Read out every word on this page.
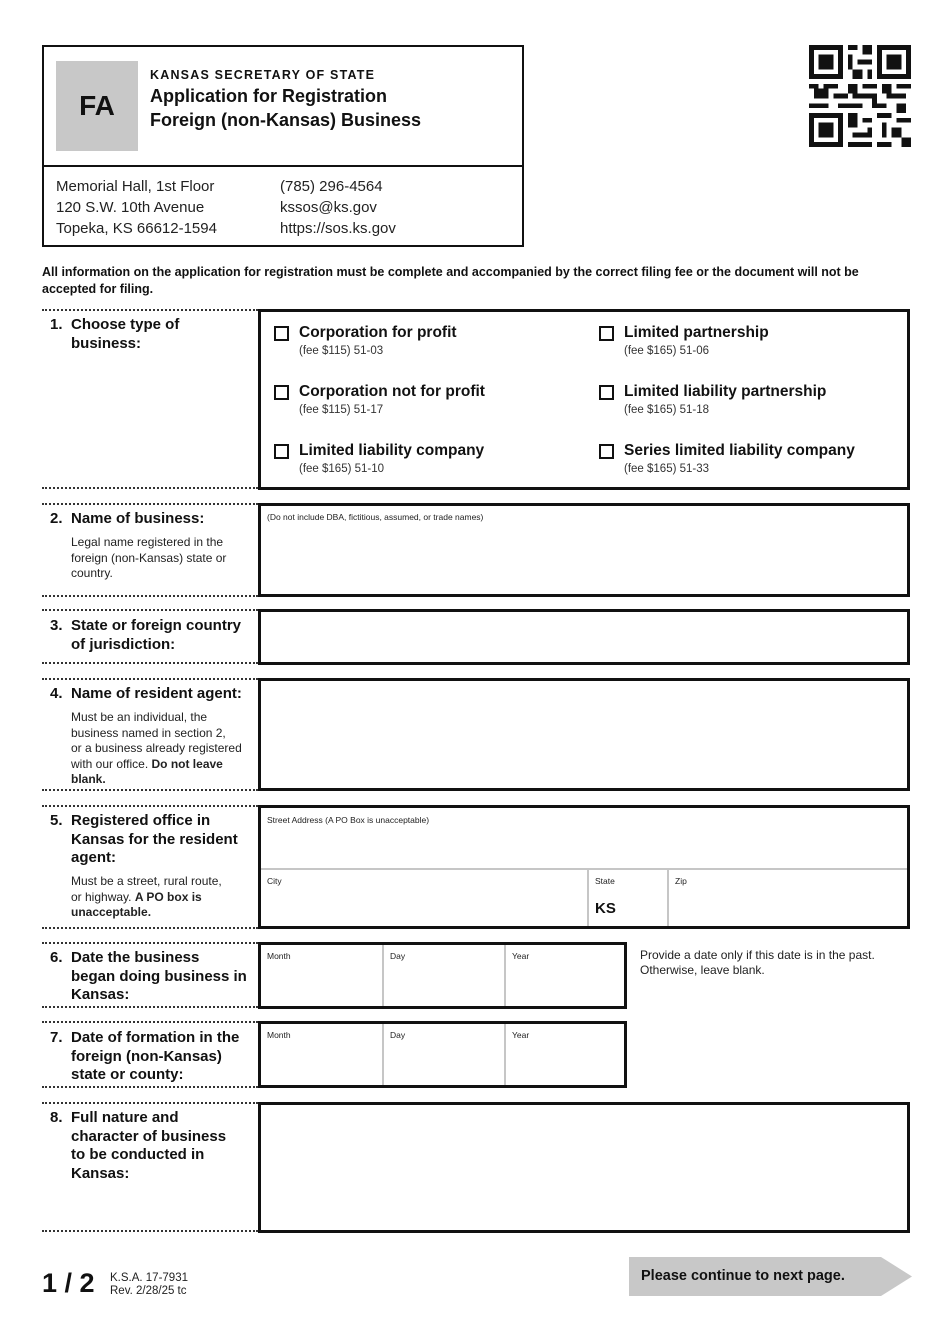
FA
KANSAS SECRETARY OF STATE
Application for Registration
Foreign (non-Kansas) Business
Memorial Hall, 1st Floor
120 S.W. 10th Avenue
Topeka, KS 66612-1594
(785) 296-4564
kssos@ks.gov
https://sos.ks.gov
All information on the application for registration must be complete and accompanied by the correct filing fee or the document will not be accepted for filing.
1. Choose type of
business:
Corporation for profit
(fee $115) 51-03
Corporation not for profit
(fee $115) 51-17
Limited liability company
(fee $165) 51-10
Limited partnership
(fee $165) 51-06
Limited liability partnership
(fee $165) 51-18
Series limited liability company
(fee $165) 51-33
2. Name of business:
Legal name registered in the
foreign (non-Kansas) state or
country.
(Do not include DBA, fictitious, assumed, or trade names)
3. State or foreign country
of jurisdiction:
4. Name of resident agent:
Must be an individual, the
business named in section 2,
or a business already registered
with our office. Do not leave
blank.
5. Registered office in
Kansas for the resident
agent:
Must be a street, rural route,
or highway. A PO box is
unacceptable.
Street Address (A PO Box is unacceptable)
City	State
KS
Zip
6. Date the business
began doing business in
Kansas:
Month	Day	Year	Provide a date only if this date is in the past.
Otherwise, leave blank.
7. Date of formation in the
foreign (non-Kansas)
state or county:
Month	Day	Year
8. Full nature and
character of business
to be conducted in
Kansas:
1 / 2 K.S.A. 17-7931
Rev. 2/28/25 tc
Please continue to next page.
